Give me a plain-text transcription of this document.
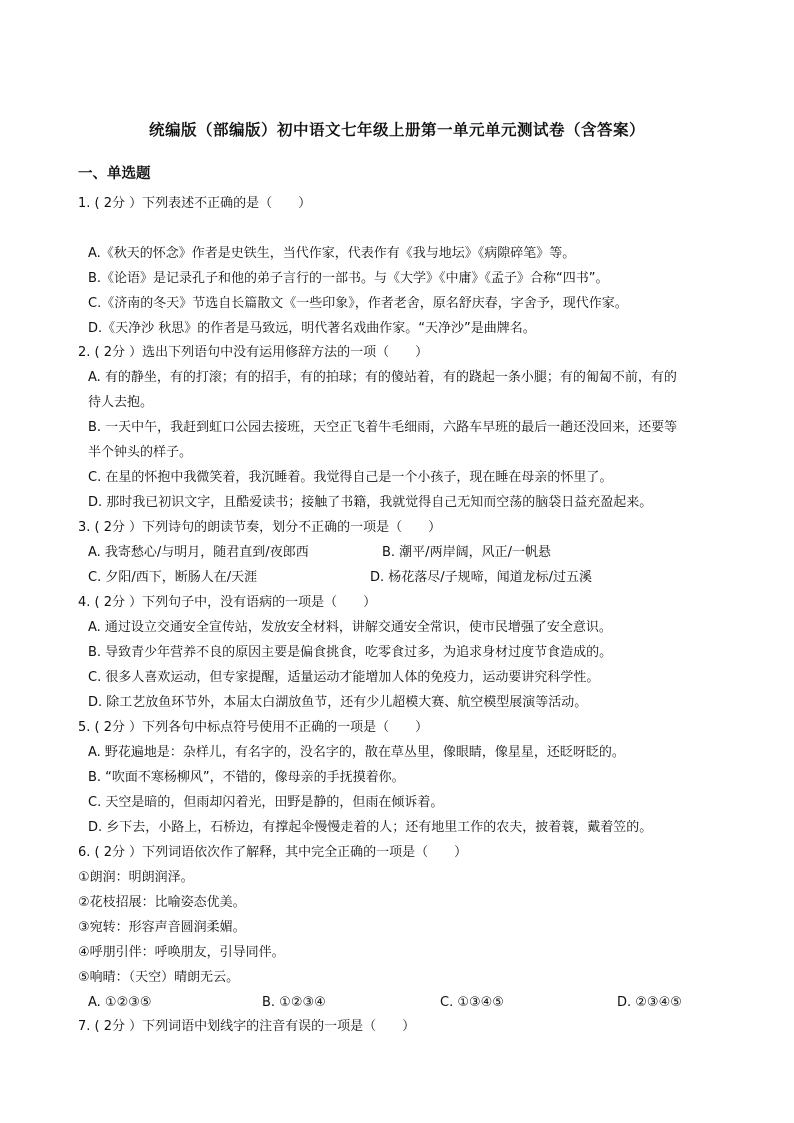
统编版（部编版）初中语文七年级上册第一单元单元测试卷（含答案）
一、单选题
1. ( 2分 ）下列表述不正确的是（　　）
A.《秋天的怀念》作者是史铁生，当代作家，代表作有《我与地坛》《病隙碎笔》等。
B.《论语》是记录孔子和他的弟子言行的一部书。与《大学》《中庸》《孟子》合称“四书”。
C.《济南的冬天》节选自长篇散文《一些印象》，作者老舍，原名舒庆春，字舍予，现代作家。
D.《天净沙 秋思》的作者是马致远，明代著名戏曲作家。“天净沙”是曲牌名。
2. ( 2分 ）选出下列语句中没有运用修辞方法的一项（　　）
A. 有的静坐，有的打滚；有的招手，有的拍球；有的傻站着，有的跷起一条小腿；有的匍匐不前，有的
待人去抱。
B. 一天中午，我赶到虹口公园去接班，天空正飞着牛毛细雨，六路车早班的最后一趟还没回来，还要等
半个钟头的样子。
C. 在星的怀抱中我微笑着，我沉睡着。我觉得自己是一个小孩子，现在睡在母亲的怀里了。
D. 那时我已初识文字，且酷爱读书；接触了书籍，我就觉得自己无知而空荡的脑袋日益充盈起来。
3. ( 2分 ）下列诗句的朗读节奏，划分不正确的一项是（　　）
A. 我寄愁心/与明月，随君直到/夜郎西	B. 潮平/两岸阔，风正/一帆悬
C. 夕阳/西下，断肠人在/天涯	D. 杨花落尽/子规啼，闻道龙标/过五溪
4. ( 2分 ）下列句子中，没有语病的一项是（　　）
A. 通过设立交通安全宣传站，发放安全材料，讲解交通安全常识，使市民增强了安全意识。
B. 导致青少年营养不良的原因主要是偏食挑食，吃零食过多，为追求身材过度节食造成的。
C. 很多人喜欢运动，但专家提醒，适量运动才能增加人体的免疫力，运动要讲究科学性。
D. 除工艺放鱼环节外，本届太白湖放鱼节，还有少儿超模大赛、航空模型展演等活动。
5. ( 2分 ）下列各句中标点符号使用不正确的一项是（　　）
A. 野花遍地是：杂样儿，有名字的，没名字的，散在草丛里，像眼睛，像星星，还眨呀眨的。
B. “吹面不寒杨柳风”，不错的，像母亲的手抚摸着你。
C. 天空是暗的，但雨却闪着光，田野是静的，但雨在倾诉着。
D. 乡下去，小路上，石桥边，有撑起伞慢慢走着的人；还有地里工作的农夫，披着蓑，戴着笠的。
6. ( 2分 ）下列词语依次作了解释，其中完全正确的一项是（　　）
①朗润：明朗润泽。
②花枝招展：比喻姿态优美。
③宛转：形容声音圆润柔媚。
④呼朋引伴：呼唤朋友，引导同伴。
⑤响晴：（天空）晴朗无云。
A. ①②③⑤	B. ①②③④	C. ①③④⑤	D. ②③④⑤
7. ( 2分 ）下列词语中划线字的注音有误的一项是（　　）
